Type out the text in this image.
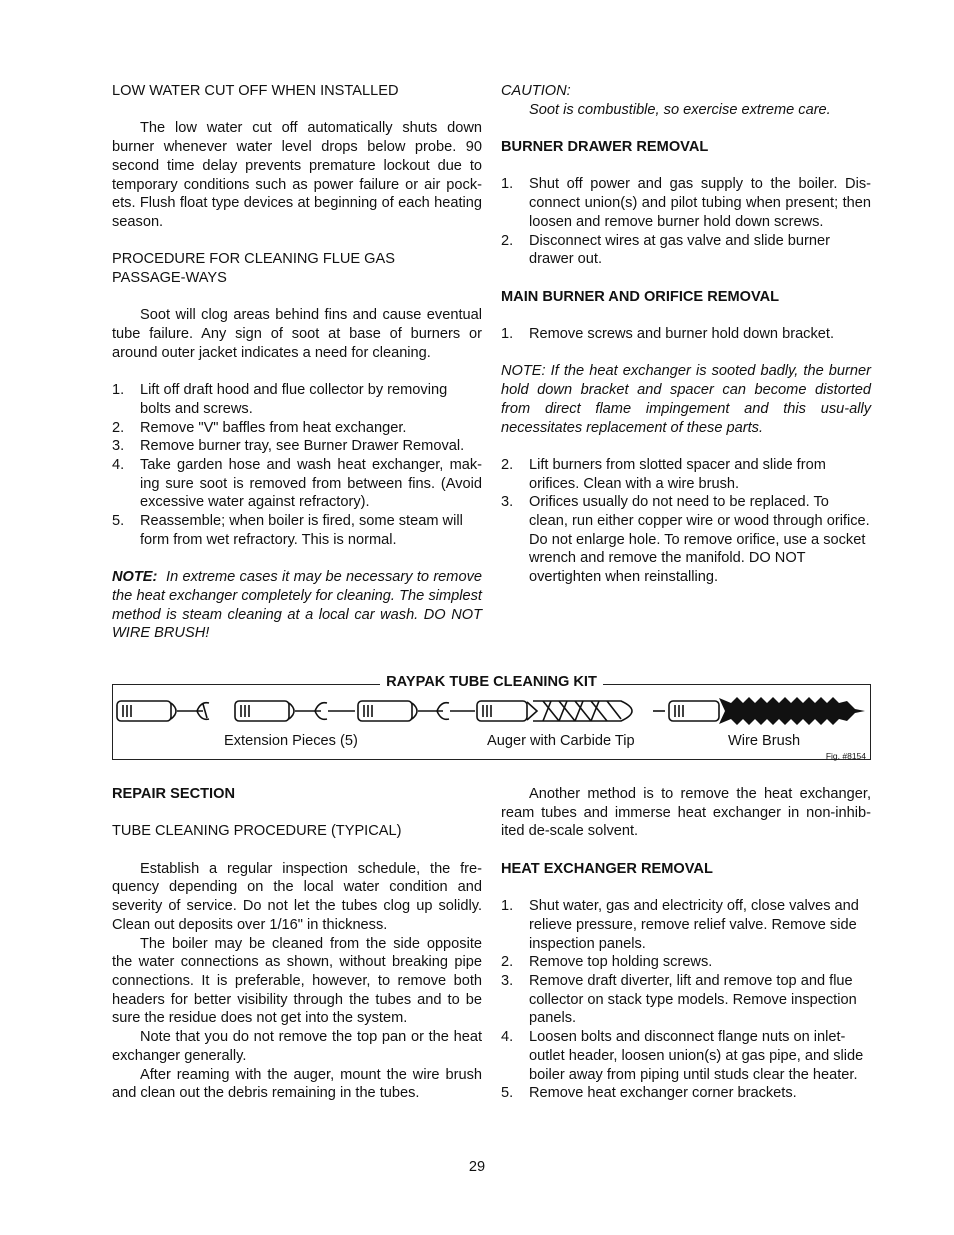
LOW WATER CUT OFF WHEN INSTALLED

The low water cut off automatically shuts down burner whenever water level drops below probe. 90 second time delay prevents premature lockout due to temporary conditions such as power failure or air pock-ets. Flush float type devices at beginning of each heating season.

PROCEDURE FOR CLEANING FLUE GAS

PASSAGE-WAYS

Soot will clog areas behind fins and cause eventual tube failure. Any sign of soot at base of burners or around outer jacket indicates a need for cleaning.

1. Lift off draft hood and flue collector by removing bolts and screws.
2. Remove "V" baffles from heat exchanger.
3. Remove burner tray, see Burner Drawer Removal.
4. Take garden hose and wash heat exchanger, mak-ing sure soot is removed from between fins. (Avoid excessive water against refractory).
5. Reassemble; when boiler is fired, some steam will form from wet refractory. This is normal.

NOTE: In extreme cases it may be necessary to remove the heat exchanger completely for cleaning. The simplest method is steam cleaning at a local car wash. DO NOT WIRE BRUSH!

CAUTION:

Soot is combustible, so exercise extreme care.

BURNER DRAWER REMOVAL

1. Shut off power and gas supply to the boiler. Dis-connect union(s) and pilot tubing when present; then loosen and remove burner hold down screws.
2. Disconnect wires at gas valve and slide burner drawer out.

MAIN BURNER AND ORIFICE REMOVAL

1. Remove screws and burner hold down bracket.

NOTE: If the heat exchanger is sooted badly, the burner hold down bracket and spacer can become distorted from direct flame impingement and this usu-ally necessitates replacement of these parts.

2. Lift burners from slotted spacer and slide from orifices. Clean with a wire brush.
3. Orifices usually do not need to be replaced. To clean, run either copper wire or wood through orifice. Do not enlarge hole. To remove orifice, use a socket wrench and remove the manifold. DO NOT overtighten when reinstalling.
RAYPAK TUBE CLEANING KIT
Extension Pieces (5)	Auger with Carbide Tip	Wire Brush
Fig. #8154

REPAIR SECTION

TUBE CLEANING PROCEDURE (TYPICAL)

Establish a regular inspection schedule, the fre-quency depending on the local water condition and severity of service. Do not let the tubes clog up solidly. Clean out deposits over 1/16" in thickness.

The boiler may be cleaned from the side opposite the water connections as shown, without breaking pipe connections. It is preferable, however, to remove both headers for better visibility through the tubes and to be sure the residue does not get into the system.

Note that you do not remove the top pan or the heat exchanger generally.

After reaming with the auger, mount the wire brush and clean out the debris remaining in the tubes.

Another method is to remove the heat exchanger, ream tubes and immerse heat exchanger in non-inhib-ited de-scale solvent.

HEAT EXCHANGER REMOVAL

1. Shut water, gas and electricity off, close valves and relieve pressure, remove relief valve. Remove side inspection panels.
2. Remove top holding screws.
3. Remove draft diverter, lift and remove top and flue collector on stack type models. Remove inspection panels.
4. Loosen bolts and disconnect flange nuts on inlet-outlet header, loosen union(s) at gas pipe, and slide boiler away from piping until studs clear the heater.
5. Remove heat exchanger corner brackets.
29
